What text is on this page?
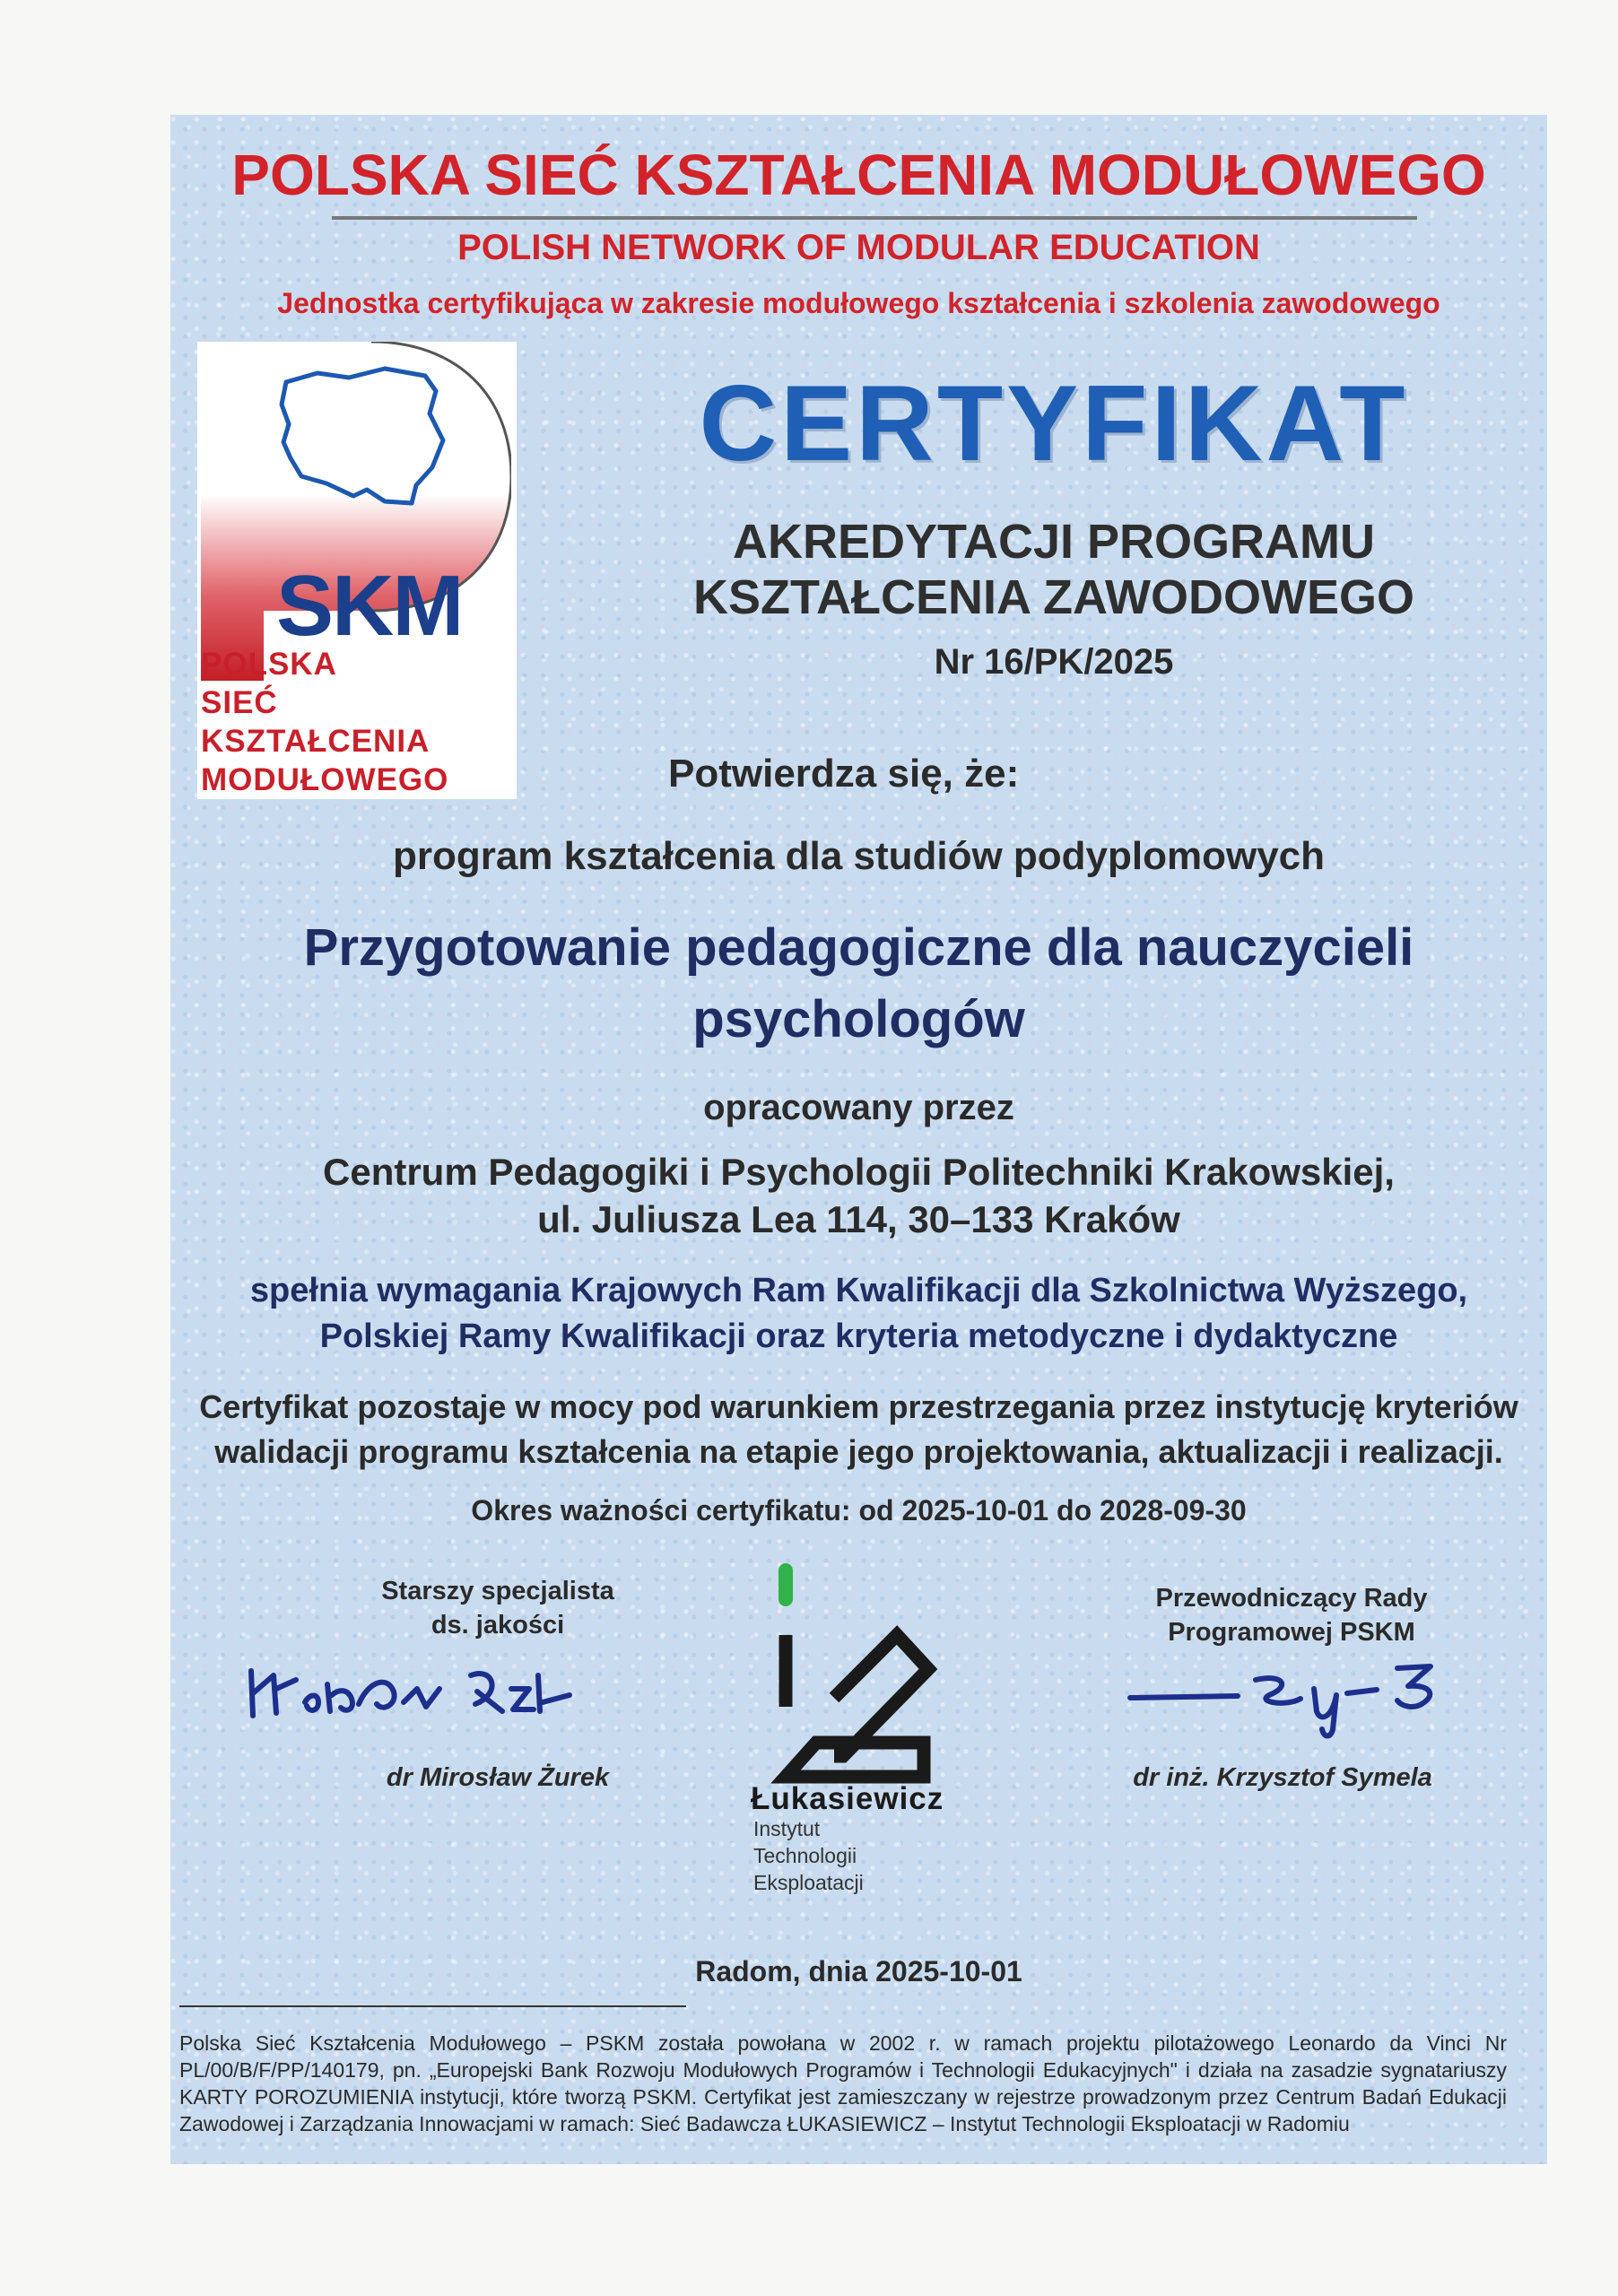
POLSKA SIEĆ KSZTAŁCENIA MODUŁOWEGO
POLISH NETWORK OF MODULAR EDUCATION
Jednostka certyfikująca w zakresie modułowego kształcenia i szkolenia zawodowego
SKM
POLSKA
SIEĆ
KSZTAŁCENIA
MODUŁOWEGO
CERTYFIKAT
AKREDYTACJI PROGRAMU
KSZTAŁCENIA ZAWODOWEGO
Nr 16/PK/2025
Potwierdza się, że:
program kształcenia dla studiów podyplomowych
Przygotowanie pedagogiczne dla nauczycieli
psychologów
opracowany przez
Centrum Pedagogiki i Psychologii Politechniki Krakowskiej,
ul. Juliusza Lea 114, 30–133 Kraków
spełnia wymagania Krajowych Ram Kwalifikacji dla Szkolnictwa Wyższego,
Polskiej Ramy Kwalifikacji oraz kryteria metodyczne i dydaktyczne
Certyfikat pozostaje w mocy pod warunkiem przestrzegania przez instytucję kryteriów
walidacji programu kształcenia na etapie jego projektowania, aktualizacji i realizacji.
Okres ważności certyfikatu: od 2025-10-01 do 2028-09-30
Starszy specjalista
ds. jakości
dr Mirosław Żurek
Łukasiewicz
Instytut
Technologii
Eksploatacji
Przewodniczący Rady
Programowej PSKM
dr inż. Krzysztof Symela
Radom, dnia 2025-10-01
Polska Sieć Kształcenia Modułowego – PSKM została powołana w 2002 r. w ramach projektu pilotażowego Leonardo da Vinci Nr PL/00/B/F/PP/140179, pn. „Europejski Bank Rozwoju Modułowych Programów i Technologii Edukacyjnych" i działa na zasadzie sygnatariuszy KARTY POROZUMIENIA instytucji, które tworzą PSKM. Certyfikat jest zamieszczany w rejestrze prowadzonym przez Centrum Badań Edukacji Zawodowej i Zarządzania Innowacjami w ramach: Sieć Badawcza ŁUKASIEWICZ – Instytut Technologii Eksploatacji w Radomiu
